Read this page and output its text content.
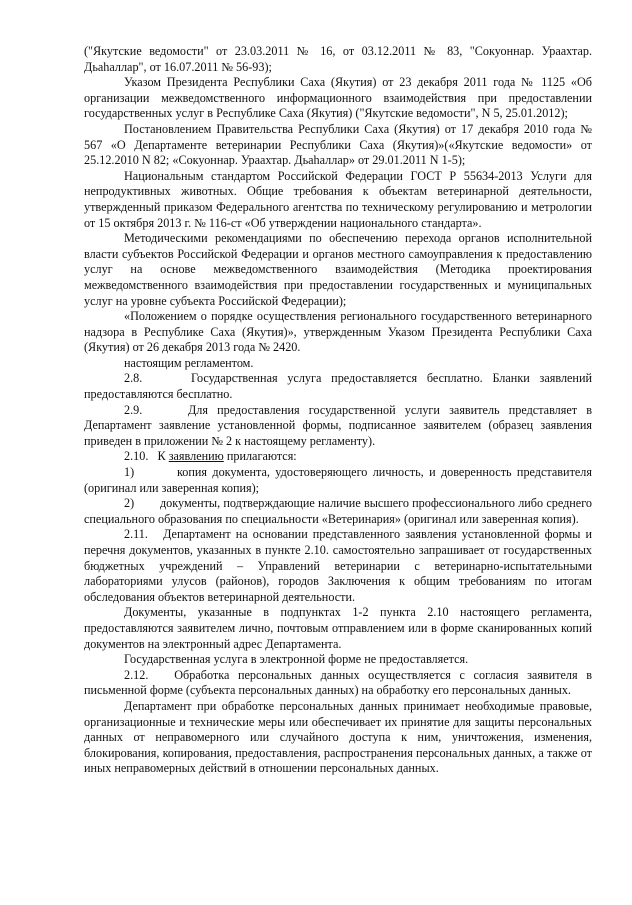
("Якутские ведомости" от 23.03.2011 № 16, от 03.12.2011 № 83, "Сокуоннар. Ураахтар. Дьаһаллар", от 16.07.2011 № 56-93);

Указом Президента Республики Саха (Якутия) от 23 декабря 2011 года № 1125 «Об организации межведомственного информационного взаимодействия при предоставлении государственных услуг в Республике Саха (Якутия) ("Якутские ведомости", N 5, 25.01.2012);

Постановлением Правительства Республики Саха (Якутия) от 17 декабря 2010 года № 567 «О Департаменте ветеринарии Республики Саха (Якутия)»(«Якутские ведомости» от 25.12.2010 N 82; «Сокуоннар. Ураахтар. Дьаһаллар» от 29.01.2011 N 1-5);

Национальным стандартом Российской Федерации ГОСТ Р 55634-2013 Услуги для непродуктивных животных. Общие требования к объектам ветеринарной деятельности, утвержденный приказом Федерального агентства по техническому регулированию и метрологии от 15 октября 2013 г. № 116-ст «Об утверждении национального стандарта».

Методическими рекомендациями по обеспечению перехода органов исполнительной власти субъектов Российской Федерации и органов местного самоуправления к предоставлению услуг на основе межведомственного взаимодействия (Методика проектирования межведомственного взаимодействия при предоставлении государственных и муниципальных услуг на уровне субъекта Российской Федерации);

«Положением о порядке осуществления регионального государственного ветеринарного надзора в Республике Саха (Якутия)», утвержденным Указом Президента Республики Саха (Якутия) от 26 декабря 2013 года № 2420.

настоящим регламентом.

2.8.     Государственная услуга предоставляется бесплатно. Бланки заявлений предоставляются бесплатно.

2.9.     Для предоставления государственной услуги заявитель представляет в Департамент заявление установленной формы, подписанное заявителем (образец заявления приведен в приложении № 2 к настоящему регламенту).

2.10.   К заявлению прилагаются:

1)        копия документа, удостоверяющего личность, и доверенность представителя (оригинал или заверенная копия);

2)        документы, подтверждающие наличие высшего профессионального либо среднего специального образования по специальности «Ветеринария» (оригинал или заверенная копия).

2.11.   Департамент на основании представленного заявления установленной формы и перечня документов, указанных в пункте 2.10. самостоятельно запрашивает от государственных бюджетных учреждений – Управлений ветеринарии с ветеринарно-испытательными лабораториями улусов (районов), городов Заключения к общим требованиям по итогам обследования объектов ветеринарной деятельности.

Документы, указанные в подпунктах 1-2 пункта 2.10 настоящего регламента, предоставляются заявителем лично, почтовым отправлением или в форме сканированных копий документов на электронный адрес Департамента.

Государственная услуга в электронной форме не предоставляется.

2.12.   Обработка персональных данных осуществляется с согласия заявителя в письменной форме (субъекта персональных данных) на обработку его персональных данных.

Департамент при обработке персональных данных принимает необходимые правовые, организационные и технические меры или обеспечивает их принятие для защиты персональных данных от неправомерного или случайного доступа к ним, уничтожения, изменения, блокирования, копирования, предоставления, распространения персональных данных, а также от иных неправомерных действий в отношении персональных данных.
